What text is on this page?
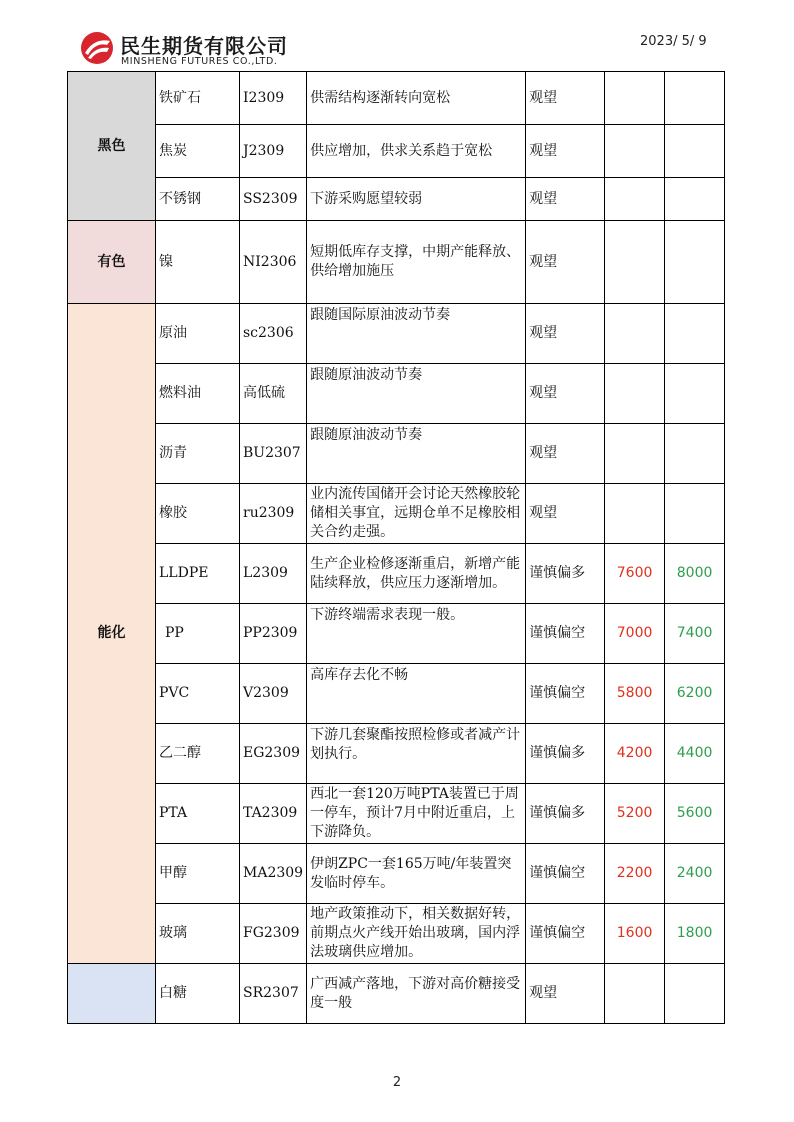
民生期货有限公司
MINSHENG FUTURES CO.,LTD.
2023/ 5/ 9
黑色	铁矿石	I2309	供需结构逐渐转向宽松	观望		
	焦炭	J2309	供应增加，供求关系趋于宽松	观望		
	不锈钢	SS2309	下游采购愿望较弱	观望		
有色	镍	NI2306	短期低库存支撑，中期产能释放、供给增加施压	观望		
能化	原油	sc2306	跟随国际原油波动节奏	观望		
	燃料油	高低硫	跟随原油波动节奏	观望		
	沥青	BU2307	跟随原油波动节奏	观望		
	橡胶	ru2309	业内流传国储开会讨论天然橡胶轮储相关事宜，远期仓单不足橡胶相关合约走强。	观望		
	LLDPE	L2309	生产企业检修逐渐重启，新增产能陆续释放，供应压力逐渐增加。	谨慎偏多	7600	8000
	PP	PP2309	下游终端需求表现一般。	谨慎偏空	7000	7400
	PVC	V2309	高库存去化不畅	谨慎偏空	5800	6200
	乙二醇	EG2309	下游几套聚酯按照检修或者减产计划执行。	谨慎偏多	4200	4400
	PTA	TA2309	西北一套120万吨PTA装置已于周一停车，预计7月中附近重启，上下游降负。	谨慎偏多	5200	5600
	甲醇	MA2309	伊朗ZPC一套165万吨/年装置突发临时停车。	谨慎偏空	2200	2400
	玻璃	FG2309	地产政策推动下，相关数据好转，前期点火产线开始出玻璃，国内浮法玻璃供应增加。	谨慎偏空	1600	1800
	白糖	SR2307	广西减产落地，下游对高价糖接受度一般	观望		
2
